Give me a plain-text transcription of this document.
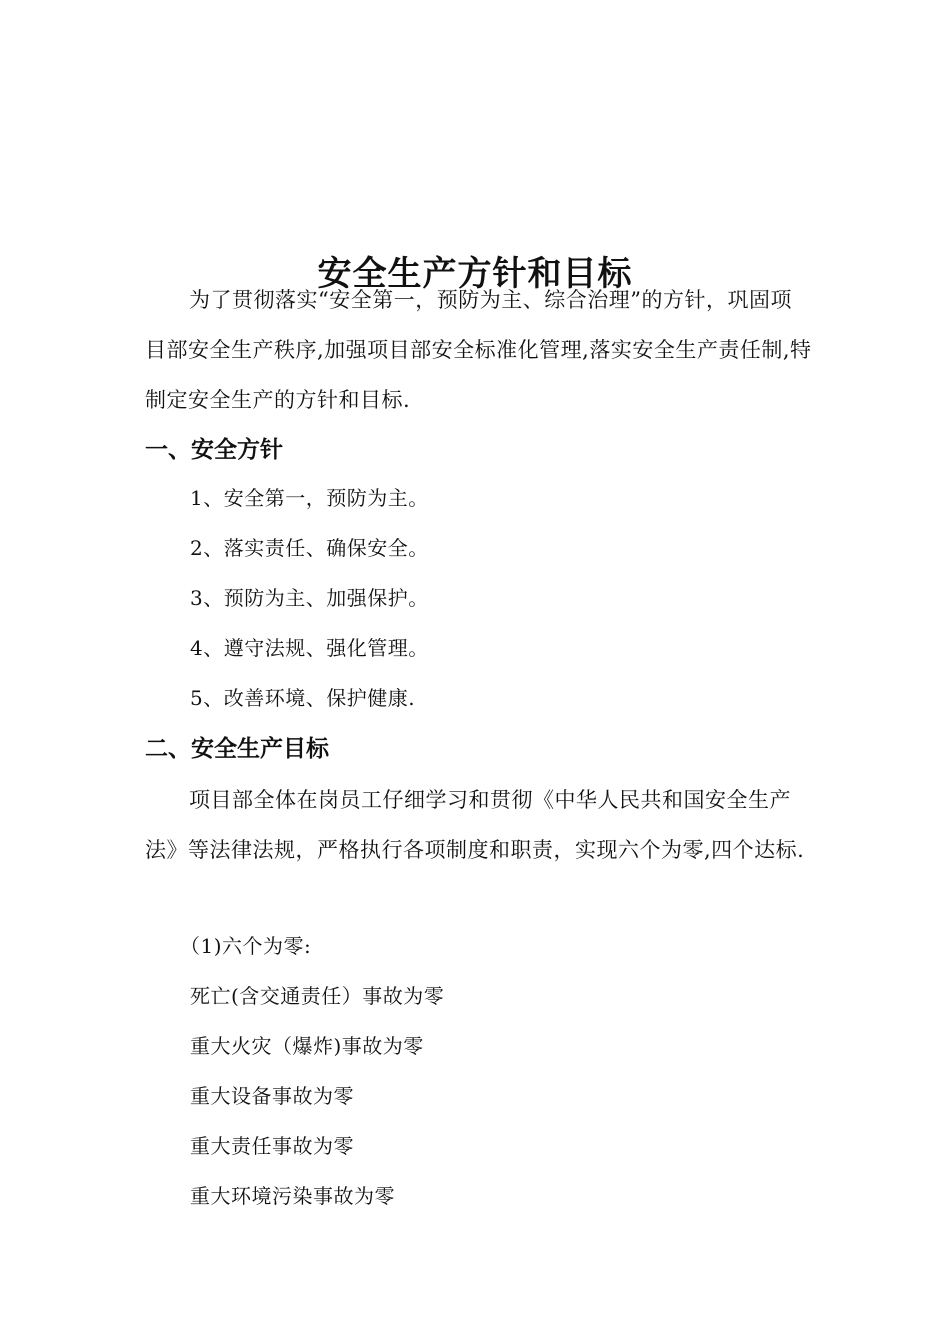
安全生产方针和目标

为了贯彻落实“安全第一，预防为主、综合治理”的方针，巩固项目部安全生产秩序,加强项目部安全标准化管理,落实安全生产责任制,特制定安全生产的方针和目标.

一、安全方针

1、安全第一，预防为主。

2、落实责任、确保安全。

3、预防为主、加强保护。

4、遵守法规、强化管理。

5、改善环境、保护健康.

二、安全生产目标

项目部全体在岗员工仔细学习和贯彻《中华人民共和国安全生产法》等法律法规，严格执行各项制度和职责，实现六个为零,四个达标.

（1)六个为零:

死亡(含交通责任）事故为零

重大火灾（爆炸)事故为零

重大设备事故为零

重大责任事故为零

重大环境污染事故为零
